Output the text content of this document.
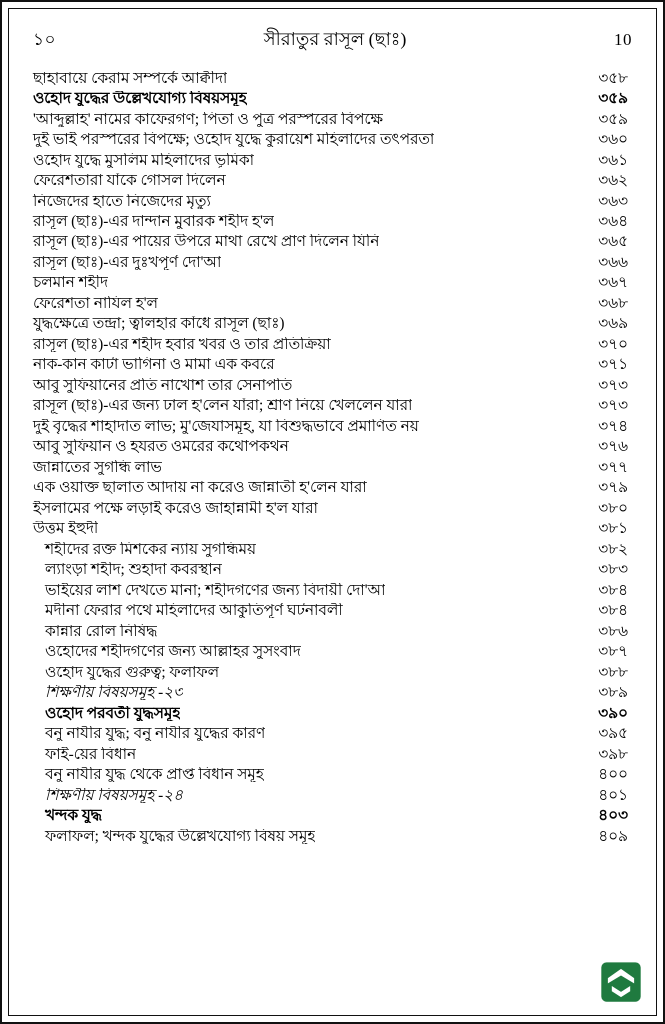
১০	সীরাতুর রাসূল (ছাঃ)	10
ছাহাবায়ে কেরাম সম্পর্কে আক্বীদা	৩৫৮
ওহোদ যুদ্ধের উল্লেখযোগ্য বিষয়সমূহ	৩৫৯
'আব্দুল্লাহ' নামের কাফেরগণ; পিতা ও পুত্র পরস্পরের বিপক্ষে	৩৫৯
দুই ভাই পরস্পরের বিপক্ষে; ওহোদ যুদ্ধে কুরায়েশ মহিলাদের তৎপরতা	৩৬০
ওহোদ যুদ্ধে মুসলিম মহিলাদের ভূমিকা	৩৬১
ফেরেশতারা যাঁকে গোসল দিলেন	৩৬২
নিজেদের হাতে নিজেদের মৃত্যু	৩৬৩
রাসূল (ছাঃ)-এর দান্দান মুবারক শহীদ হ'ল	৩৬৪
রাসূল (ছাঃ)-এর পায়ের উপরে মাথা রেখে প্রাণ দিলেন যিনি	৩৬৫
রাসূল (ছাঃ)-এর দুঃখপূর্ণ দো'আ	৩৬৬
চলমান শহীদ	৩৬৭
ফেরেশতা নাযিল হ'ল	৩৬৮
যুদ্ধক্ষেত্রে তন্দ্রা; ত্বালহার কাঁধে রাসূল (ছাঃ)	৩৬৯
রাসূল (ছাঃ)-এর শহীদ হবার খবর ও তার প্রতিক্রিয়া	৩৭০
নাক-কান কাটা ভাগিনা ও মামা এক কবরে	৩৭১
আবু সুফিয়ানের প্রতি নাখোশ তার সেনাপতি	৩৭৩
রাসূল (ছাঃ)-এর জন্য ঢাল হ'লেন যাঁরা; শ্রাণ নিয়ে খেললেন যারা	৩৭৩
দুই বৃদ্ধের শাহাদাত লাভ; মু'জেযাসমূহ, যা বিশুদ্ধভাবে প্রমাণিত নয়	৩৭৪
আবু সুফিয়ান ও হযরত ওমরের কথোপকথন	৩৭৬
জান্নাতের সুগন্ধি লাভ	৩৭৭
এক ওয়াক্ত ছালাত আদায় না করেও জান্নাতী হ'লেন যারা	৩৭৯
ইসলামের পক্ষে লড়াই করেও জাহান্নামী হ'ল যারা	৩৮০
উত্তম ইহুদী	৩৮১
শহীদের রক্ত মিশকের ন্যায় সুগন্ধিময়	৩৮২
ল্যাংড়া শহীদ; শুহাদা কবরস্থান	৩৮৩
ভাইয়ের লাশ দেখতে মানা; শহীদগণের জন্য বিদায়ী দো'আ	৩৮৪
মদীনা ফেরার পথে মহিলাদের আকুতিপূর্ণ ঘটনাবলী	৩৮৪
কান্নার রোল নিষিদ্ধ	৩৮৬
ওহোদের শহীদগণের জন্য আল্লাহর সুসংবাদ	৩৮৭
ওহোদ যুদ্ধের গুরুত্ব; ফলাফল	৩৮৮
শিক্ষণীয় বিষয়সমূহ -২৩	৩৮৯
ওহোদ পরবর্তী যুদ্ধসমূহ	৩৯০
বনু নাযীর যুদ্ধ; বনু নাযীর যুদ্ধের কারণ	৩৯৫
ফাই-য়ের বিধান	৩৯৮
বনু নাযীর যুদ্ধ থেকে প্রাপ্ত বিধান সমূহ	৪০০
শিক্ষণীয় বিষয়সমূহ -২৪	৪০১
খন্দক যুদ্ধ	৪০৩
ফলাফল; খন্দক যুদ্ধের উল্লেখযোগ্য বিষয় সমূহ	৪০৯
